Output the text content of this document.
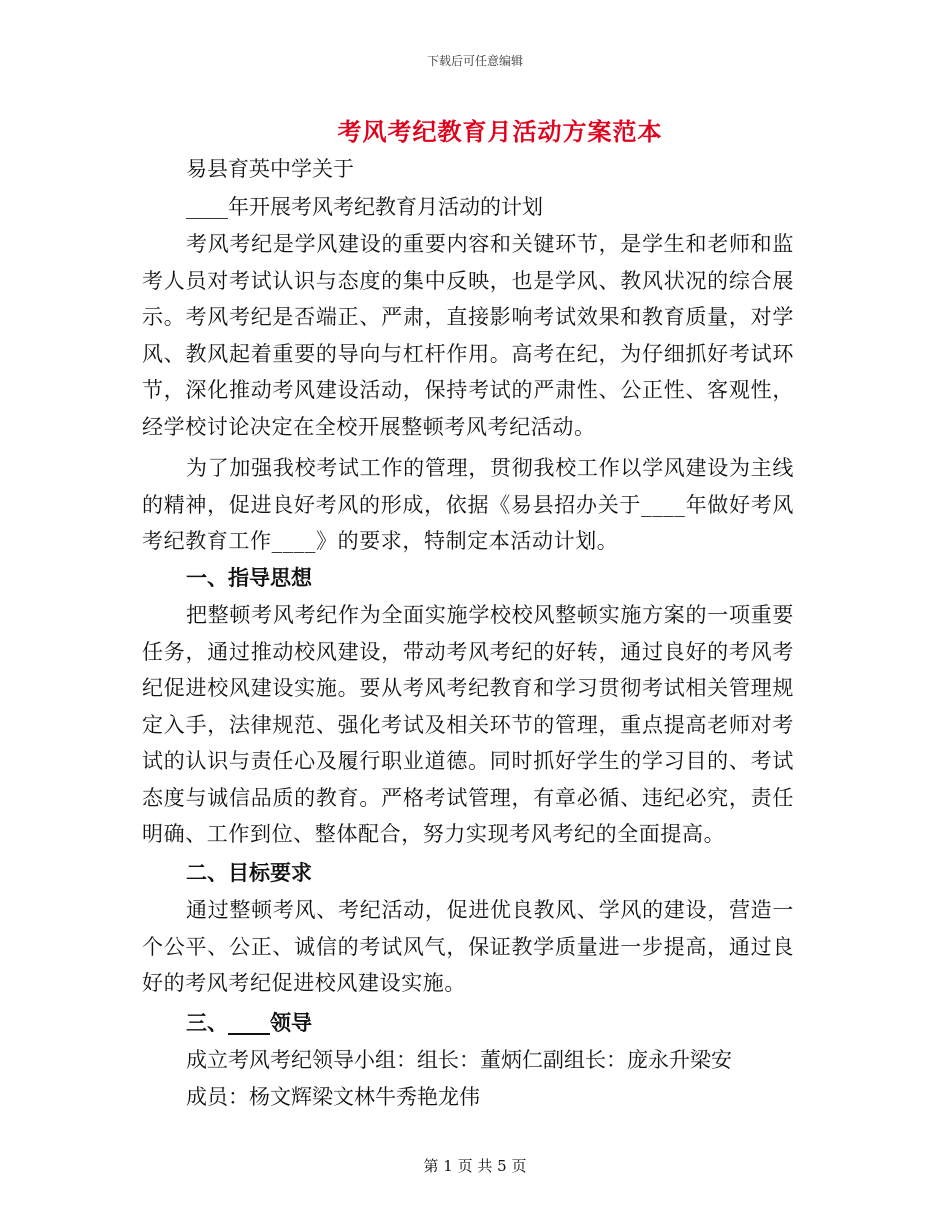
下载后可任意编辑
考风考纪教育月活动方案范本
易县育英中学关于
____年开展考风考纪教育月活动的计划
考风考纪是学风建设的重要内容和关键环节，是学生和老师和监考人员对考试认识与态度的集中反映，也是学风、教风状况的综合展示。考风考纪是否端正、严肃，直接影响考试效果和教育质量，对学风、教风起着重要的导向与杠杆作用。高考在纪，为仔细抓好考试环节，深化推动考风建设活动，保持考试的严肃性、公正性、客观性，经学校讨论决定在全校开展整顿考风考纪活动。
为了加强我校考试工作的管理，贯彻我校工作以学风建设为主线的精神，促进良好考风的形成，依据《易县招办关于____年做好考风考纪教育工作____》的要求，特制定本活动计划。
一、指导思想
把整顿考风考纪作为全面实施学校校风整顿实施方案的一项重要任务，通过推动校风建设，带动考风考纪的好转，通过良好的考风考纪促进校风建设实施。要从考风考纪教育和学习贯彻考试相关管理规定入手，法律规范、强化考试及相关环节的管理，重点提高老师对考试的认识与责任心及履行职业道德。同时抓好学生的学习目的、考试态度与诚信品质的教育。严格考试管理，有章必循、违纪必究，责任明确、工作到位、整体配合，努力实现考风考纪的全面提高。
二、目标要求
通过整顿考风、考纪活动，促进优良教风、学风的建设，营造一个公平、公正、诚信的考试风气，保证教学质量进一步提高，通过良好的考风考纪促进校风建设实施。
三、____领导
成立考风考纪领导小组：组长：董炳仁副组长：庞永升梁安
成员：杨文辉梁文林牛秀艳龙伟
第 1 页 共 5 页
